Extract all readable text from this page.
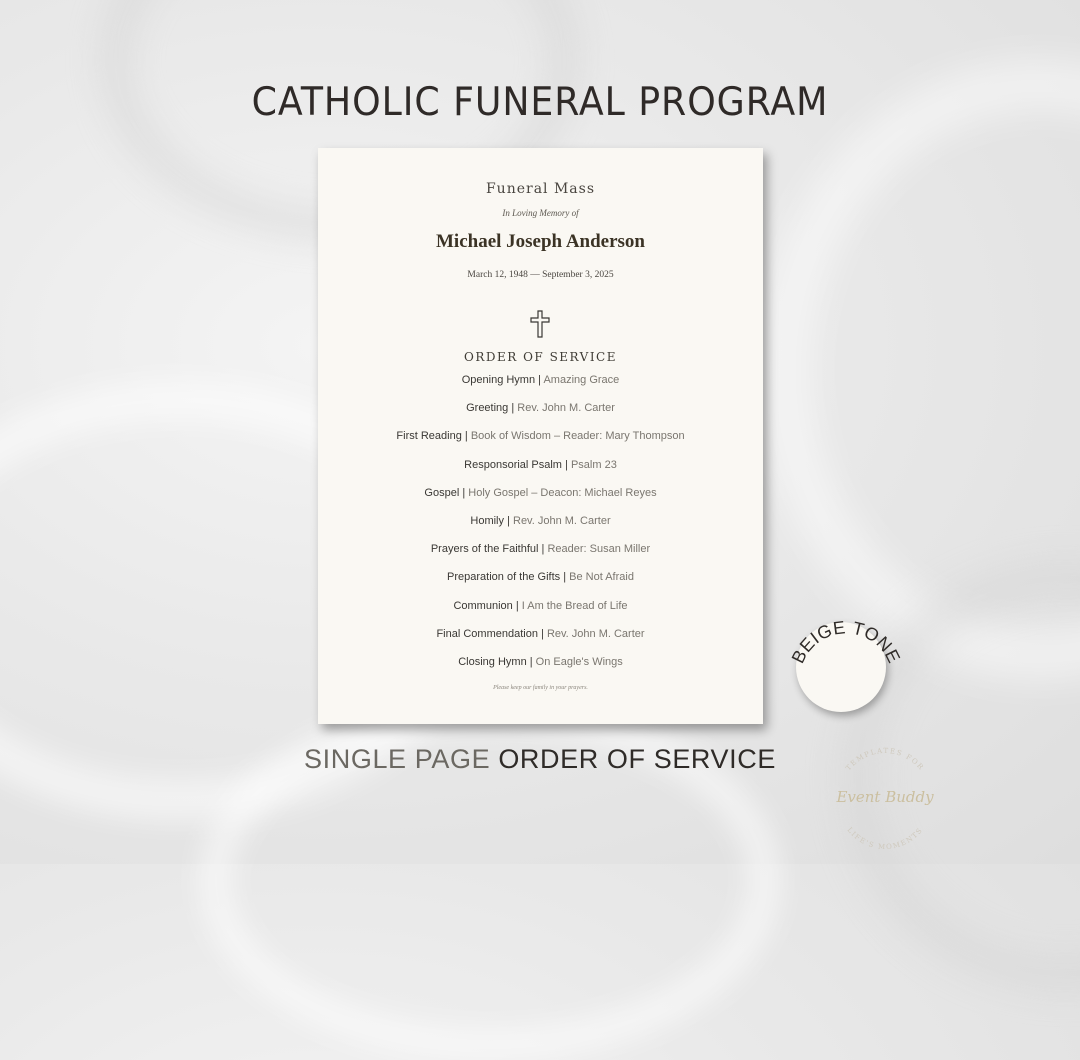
CATHOLIC FUNERAL PROGRAM
Funeral Mass
In Loving Memory of
Michael Joseph Anderson
March 12, 1948 — September 3, 2025
ORDER OF SERVICE
Opening Hymn | Amazing Grace
Greeting | Rev. John M. Carter
First Reading | Book of Wisdom – Reader: Mary Thompson
Responsorial Psalm | Psalm 23
Gospel | Holy Gospel – Deacon: Michael Reyes
Homily | Rev. John M. Carter
Prayers of the Faithful | Reader: Susan Miller
Preparation of the Gifts | Be Not Afraid
Communion | I Am the Bread of Life
Final Commendation | Rev. John M. Carter
Closing Hymn | On Eagle's Wings
Please keep our family in your prayers.
SINGLE PAGE ORDER OF SERVICE
BEIGE TONE
TEMPLATES FOR
Event Buddy
LIFE'S MOMENTS
